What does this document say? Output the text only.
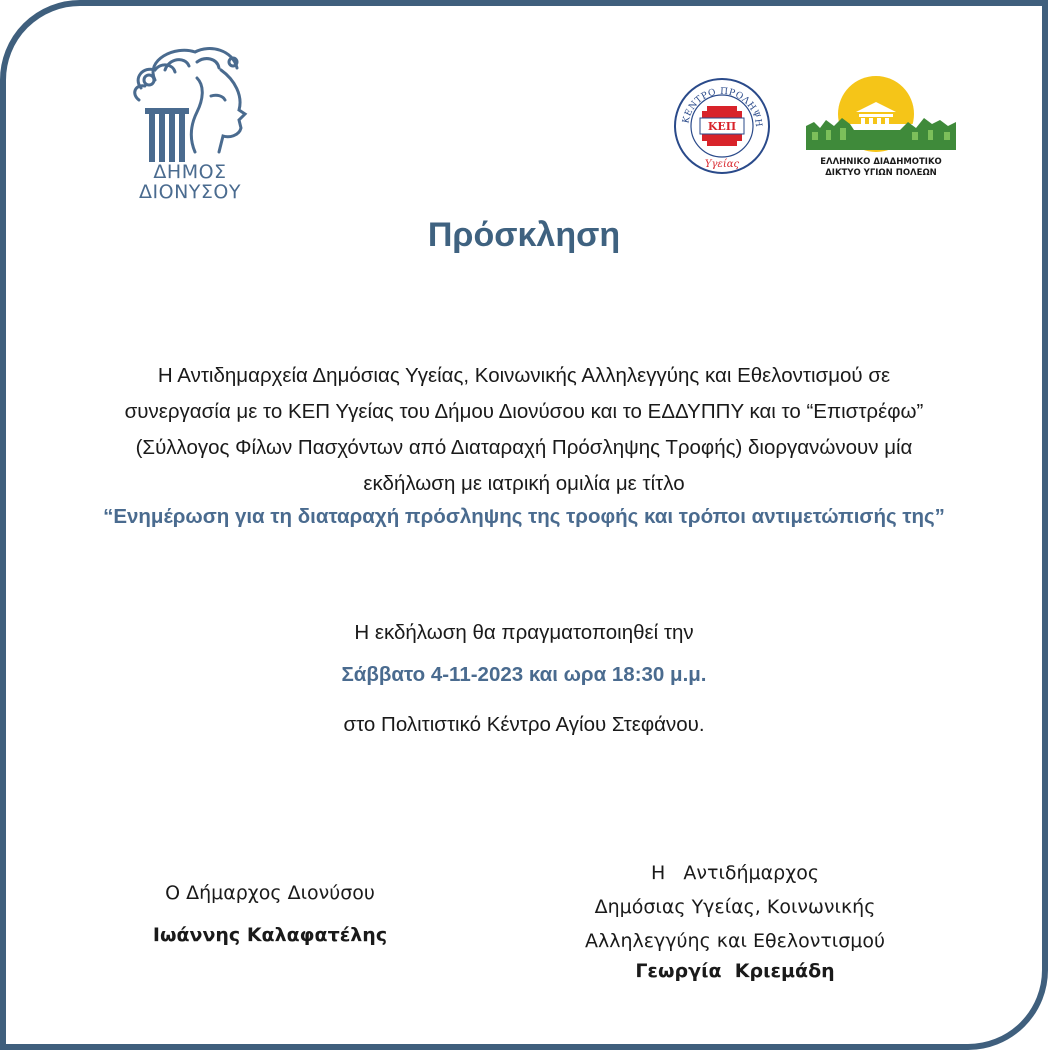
ΔΗΜΟΣ
ΔΙΟΝΥΣΟΥ
ΚΕΝΤΡΟ ΠΡΟΛΗΨΗ
ΚΕΠ
Υγείας	ΕΛΛΗΝΙΚΟ ΔΙΑΔΗΜΟΤΙΚΟ
ΔΙΚΤΥΟ ΥΓΙΩΝ ΠΟΛΕΩΝ
Πρόσκληση

Η Αντιδημαρχεία Δημόσιας Υγείας, Κοινωνικής Αλληλεγγύης και Εθελοντισμού σε

συνεργασία με το ΚΕΠ Υγείας του Δήμου Διονύσου και το ΕΔΔΥΠΠΥ και το “Επιστρέφω”

(Σύλλογος Φίλων Πασχόντων από Διαταραχή Πρόσληψης Τροφής) διοργανώνουν μία

εκδήλωση με ιατρική ομιλία με τίτλο

“Ενημέρωση για τη διαταραχή πρόσληψης της τροφής και τρόποι αντιμετώπισής της”

Η εκδήλωση θα πραγματοποιηθεί την

Σάββατο 4-11-2023 και ωρα 18:30 μ.μ.

στο Πολιτιστικό Κέντρο Αγίου Στεφάνου.

Ο Δήμαρχος Διονύσου

Ιωάννης Καλαφατέλης

Η   Αντιδήμαρχος

Δημόσιας Υγείας, Κοινωνικής

Αλληλεγγύης και Εθελοντισμού

Γεωργία  Κριεμάδη
